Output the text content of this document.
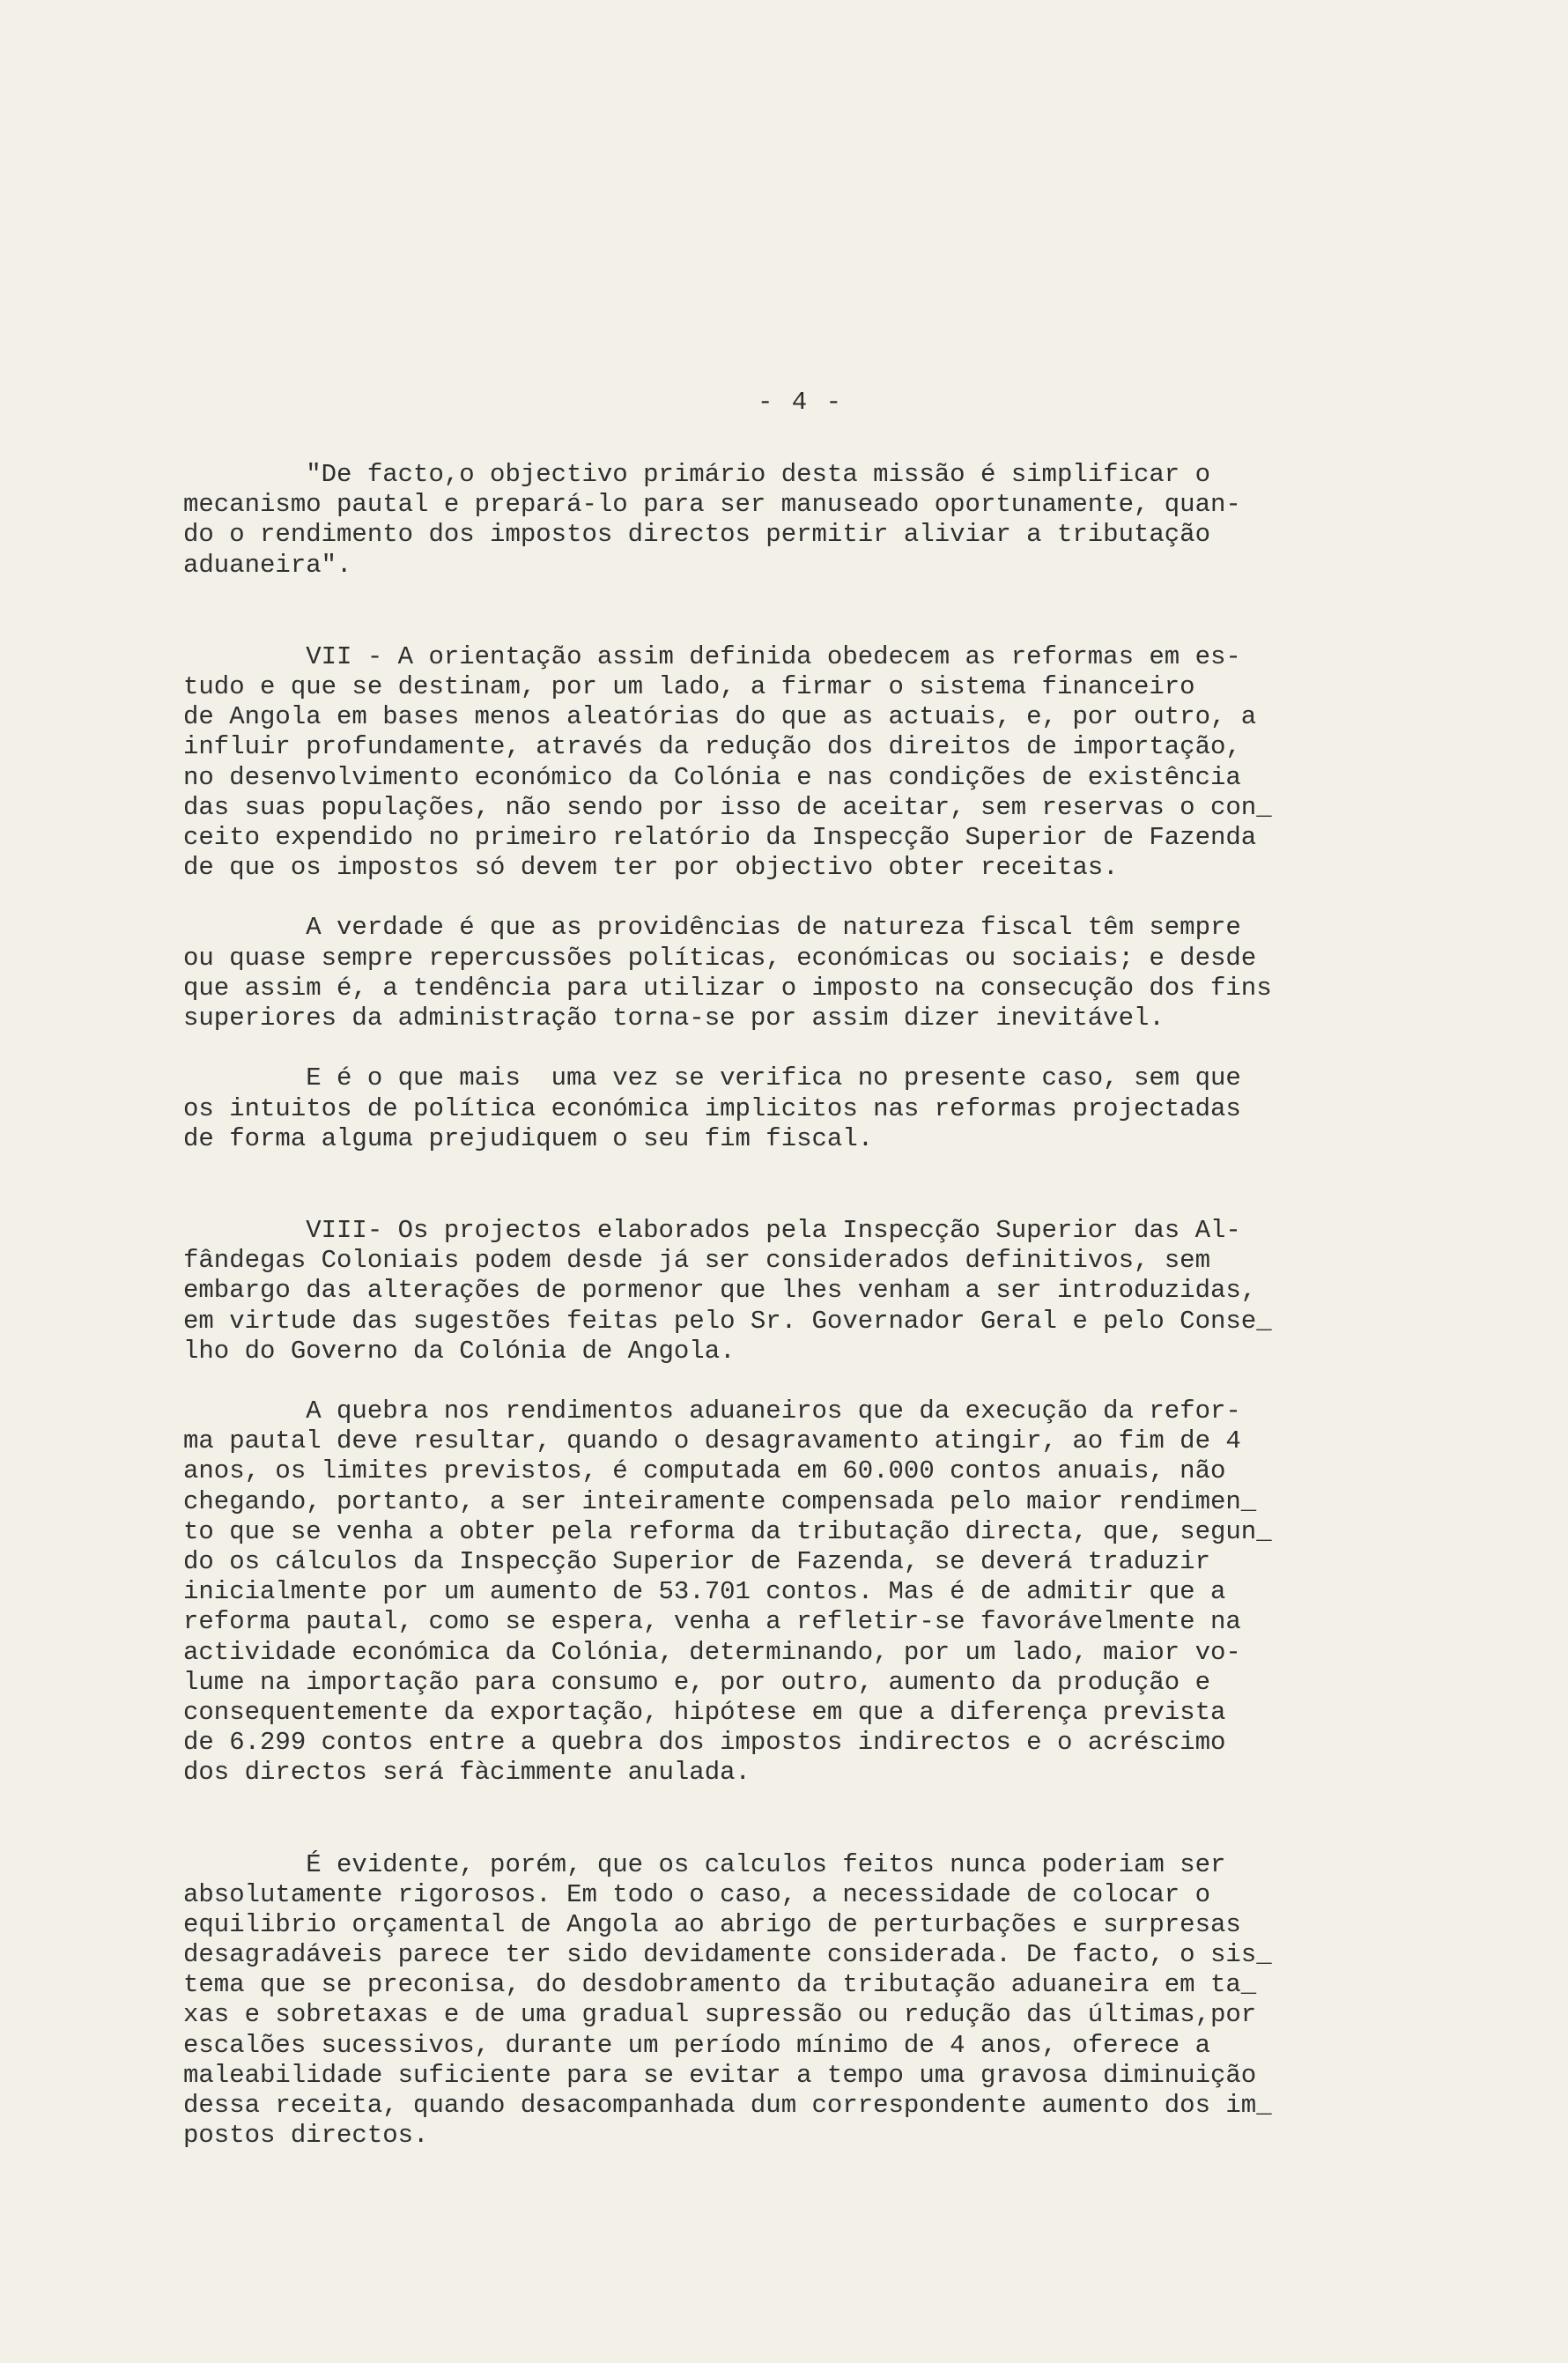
- 4 -
"De facto,o objectivo primário desta missão é simplificar o
mecanismo pautal e prepará-lo para ser manuseado oportunamente, quan-
do o rendimento dos impostos directos permitir aliviar a tributação
aduaneira".
VII - A orientação assim definida obedecem as reformas em es-
tudo e que se destinam, por um lado, a firmar o sistema financeiro
de Angola em bases menos aleatórias do que as actuais, e, por outro, a
influir profundamente, através da redução dos direitos de importação,
no desenvolvimento económico da Colónia e nas condições de existência
das suas populações, não sendo por isso de aceitar, sem reservas o con_
ceito expendido no primeiro relatório da Inspecção Superior de Fazenda
de que os impostos só devem ter por objectivo obter receitas.
A verdade é que as providências de natureza fiscal têm sempre
ou quase sempre repercussões políticas, económicas ou sociais; e desde
que assim é, a tendência para utilizar o imposto na consecução dos fins
superiores da administração torna-se por assim dizer inevitável.
E é o que mais  uma vez se verifica no presente caso, sem que
os intuitos de política económica implicitos nas reformas projectadas
de forma alguma prejudiquem o seu fim fiscal.
VIII- Os projectos elaborados pela Inspecção Superior das Al-
fândegas Coloniais podem desde já ser considerados definitivos, sem
embargo das alterações de pormenor que lhes venham a ser introduzidas,
em virtude das sugestões feitas pelo Sr. Governador Geral e pelo Conse_
lho do Governo da Colónia de Angola.
A quebra nos rendimentos aduaneiros que da execução da refor-
ma pautal deve resultar, quando o desagravamento atingir, ao fim de 4
anos, os limites previstos, é computada em 60.000 contos anuais, não
chegando, portanto, a ser inteiramente compensada pelo maior rendimen_
to que se venha a obter pela reforma da tributação directa, que, segun_
do os cálculos da Inspecção Superior de Fazenda, se deverá traduzir
inicialmente por um aumento de 53.701 contos. Mas é de admitir que a
reforma pautal, como se espera, venha a refletir-se favorávelmente na
actividade económica da Colónia, determinando, por um lado, maior vo-
lume na importação para consumo e, por outro, aumento da produção e
consequentemente da exportação, hipótese em que a diferença prevista
de 6.299 contos entre a quebra dos impostos indirectos e o acréscimo
dos directos será fàcimmente anulada.
É evidente, porém, que os calculos feitos nunca poderiam ser
absolutamente rigorosos. Em todo o caso, a necessidade de colocar o
equilibrio orçamental de Angola ao abrigo de perturbações e surpresas
desagradáveis parece ter sido devidamente considerada. De facto, o sis_
tema que se preconisa, do desdobramento da tributação aduaneira em ta_
xas e sobretaxas e de uma gradual supressão ou redução das últimas,por
escalões sucessivos, durante um período mínimo de 4 anos, oferece a
maleabilidade suficiente para se evitar a tempo uma gravosa diminuição
dessa receita, quando desacompanhada dum correspondente aumento dos im_
postos directos.
